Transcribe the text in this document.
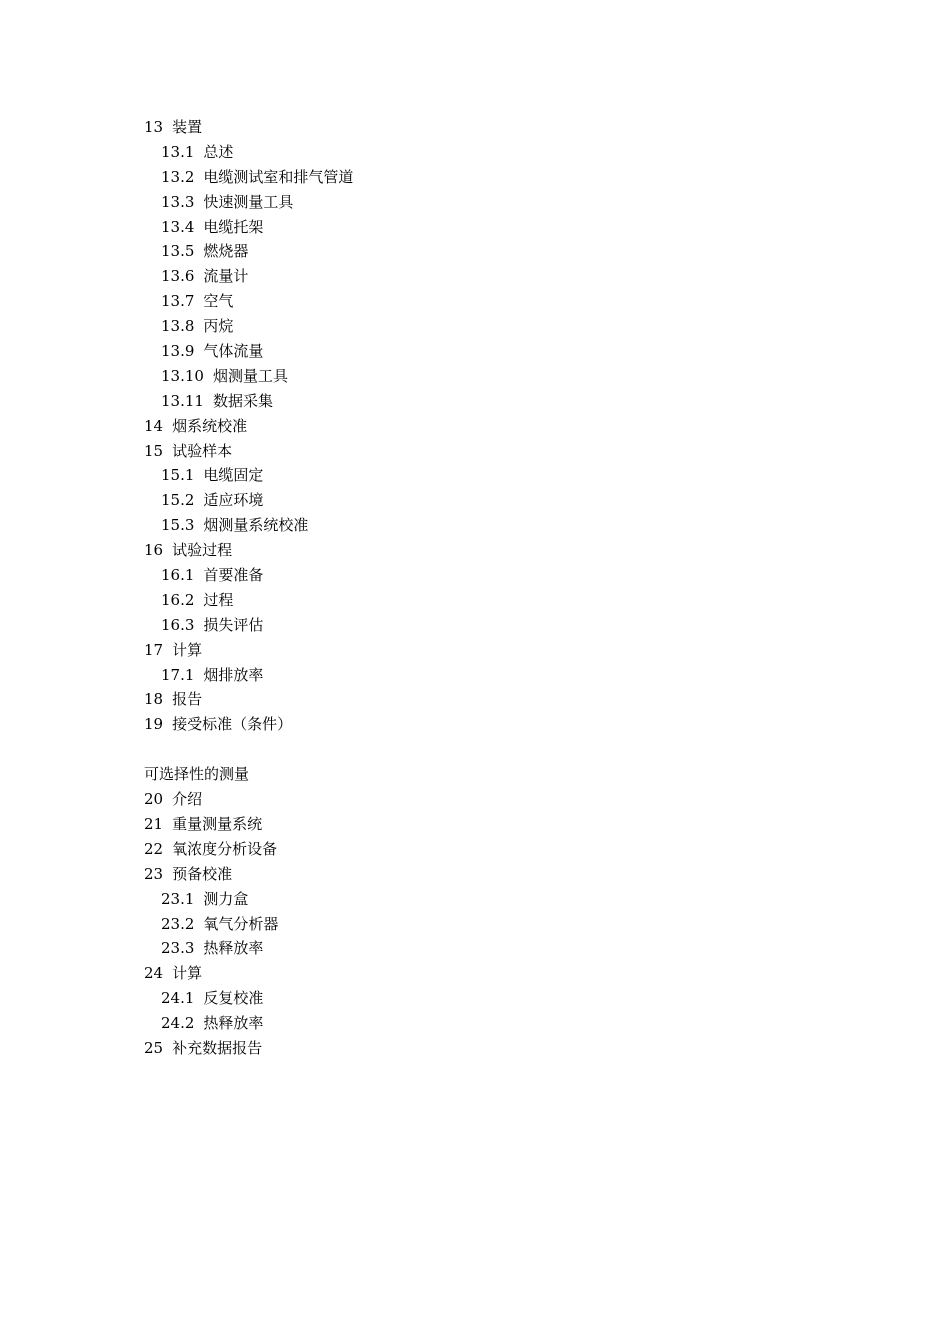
13 装置
13.1 总述
13.2 电缆测试室和排气管道
13.3 快速测量工具
13.4 电缆托架
13.5 燃烧器
13.6 流量计
13.7 空气
13.8 丙烷
13.9 气体流量
13.10 烟测量工具
13.11 数据采集
14 烟系统校准
15 试验样本
15.1 电缆固定
15.2 适应环境
15.3 烟测量系统校准
16 试验过程
16.1 首要准备
16.2 过程
16.3 损失评估
17 计算
17.1 烟排放率
18 报告
19 接受标准（条件）
可选择性的测量
20 介绍
21 重量测量系统
22 氧浓度分析设备
23 预备校准
23.1 测力盒
23.2 氧气分析器
23.3 热释放率
24 计算
24.1 反复校准
24.2 热释放率
25 补充数据报告
